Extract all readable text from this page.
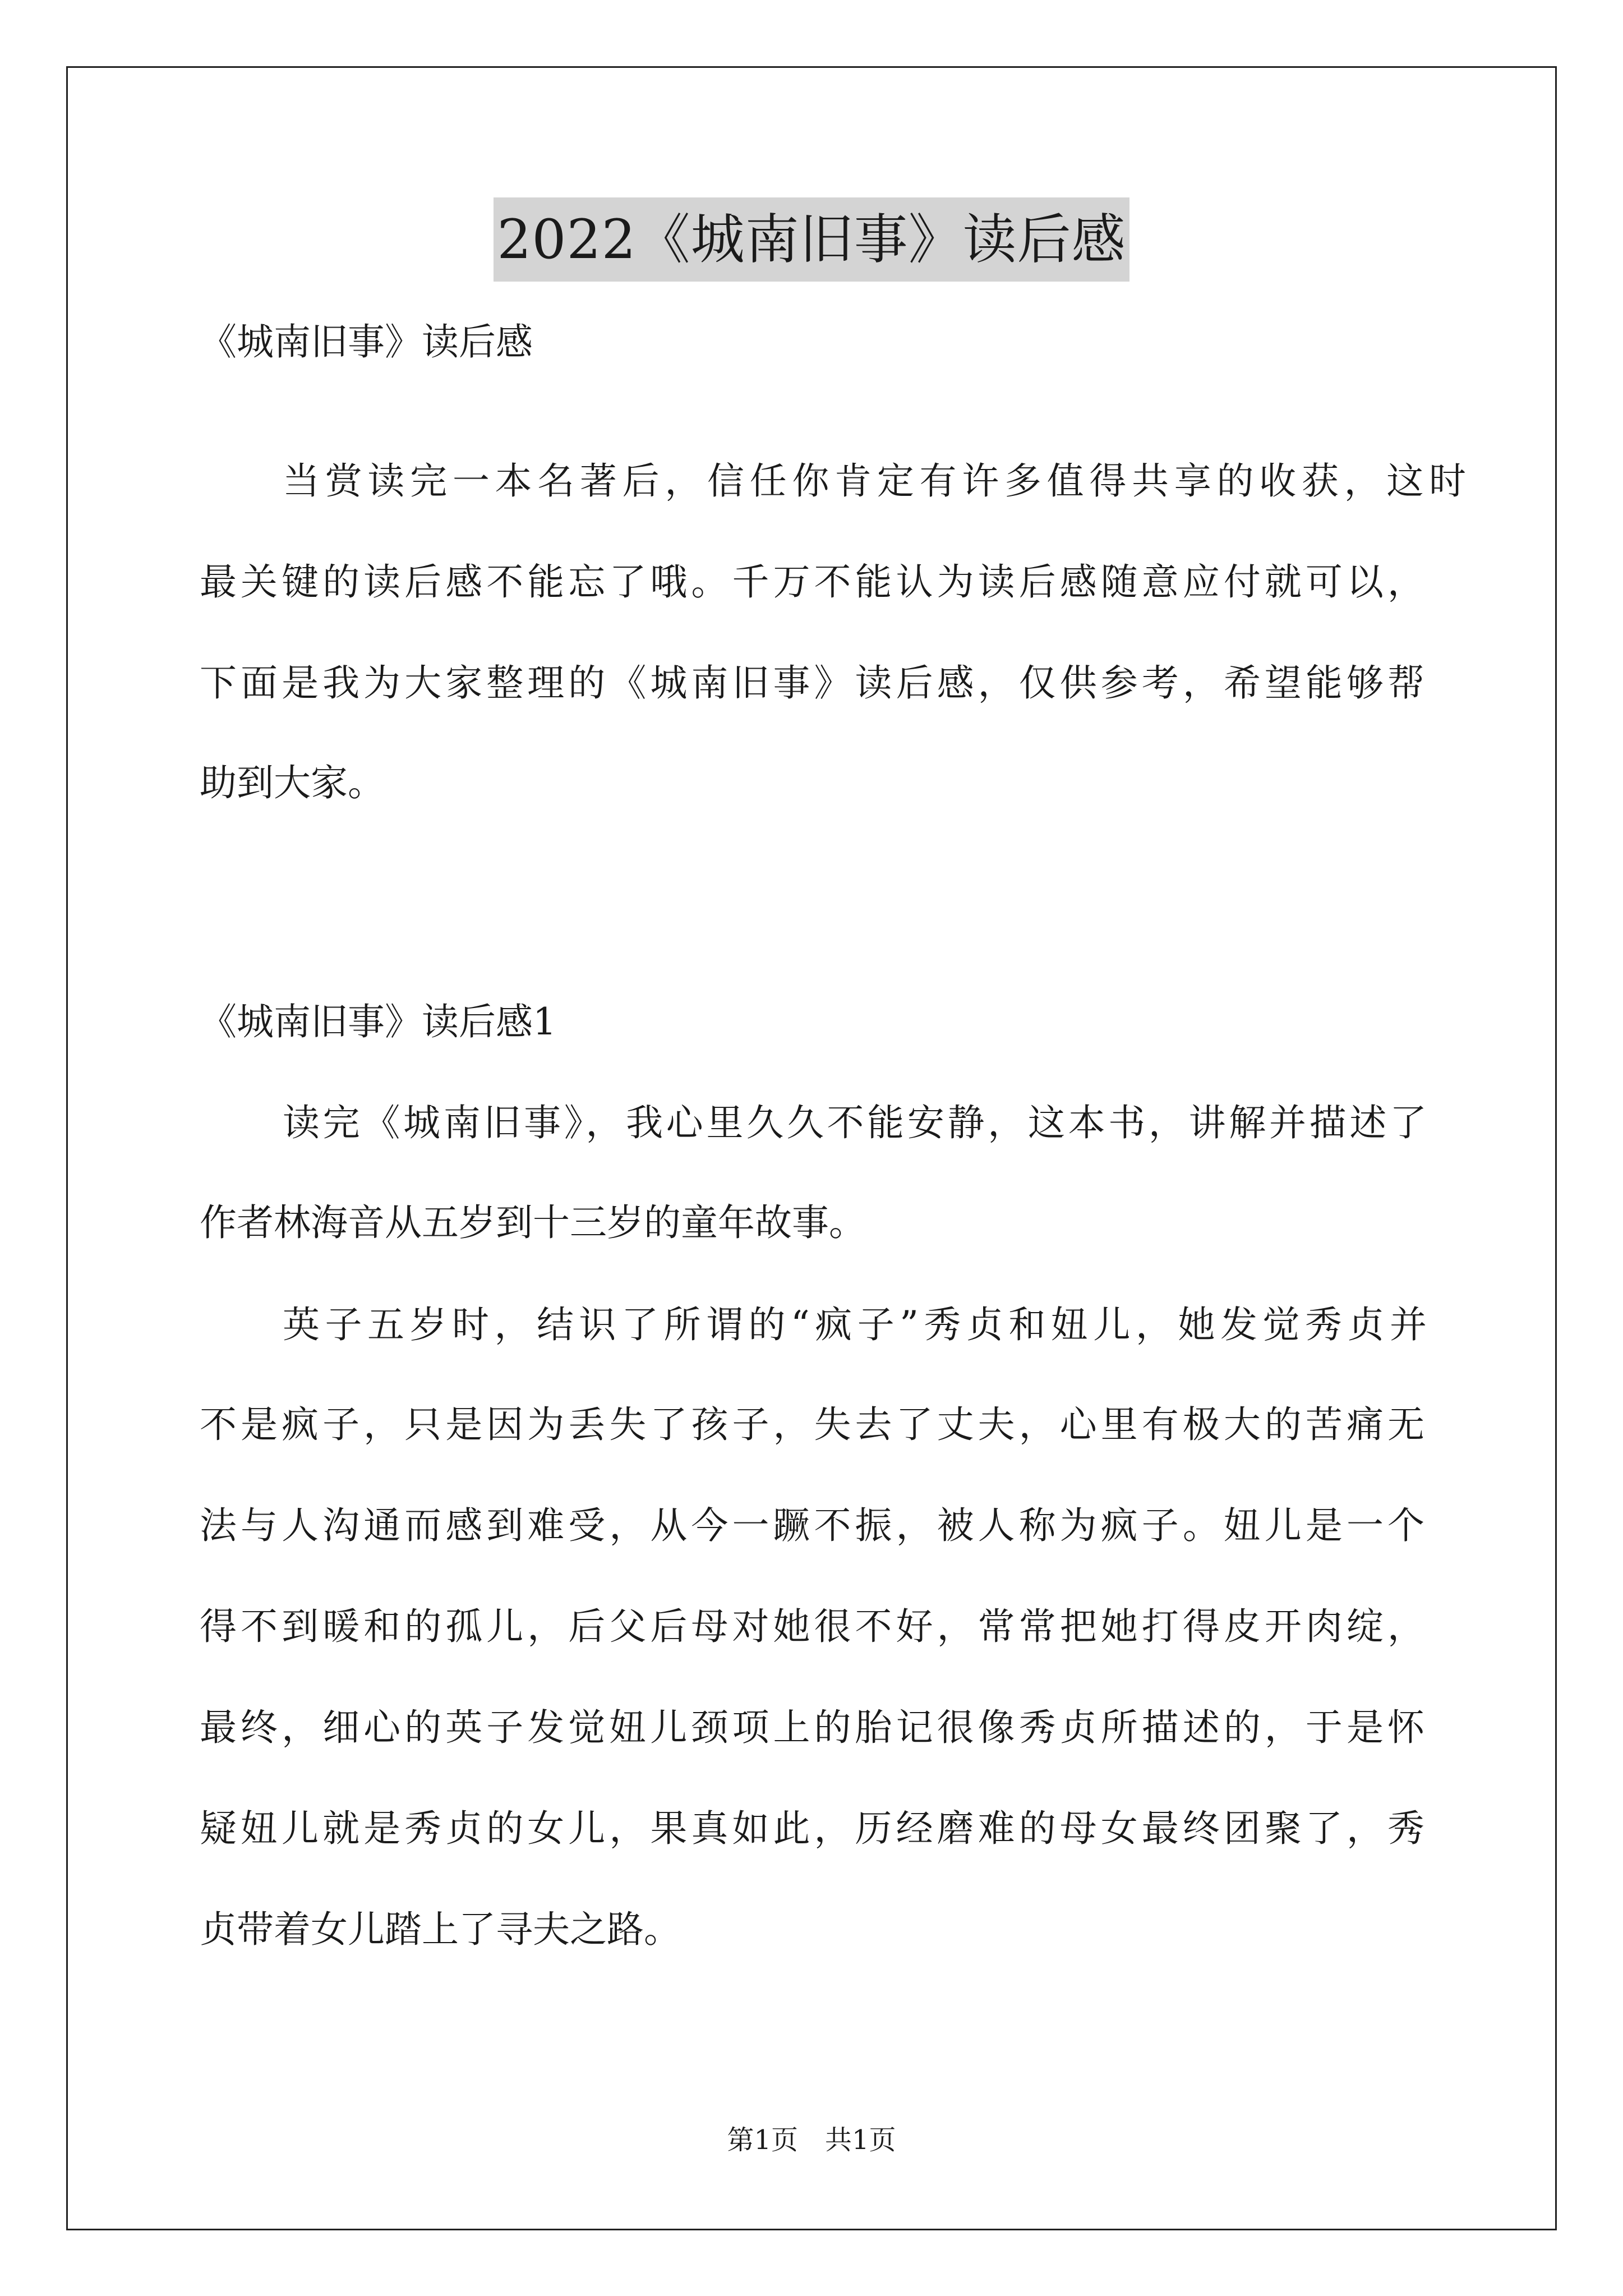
2022《城南旧事》读后感
《城南旧事》读后感
当赏读完一本名著后，信任你肯定有许多值得共享的收获，这时
最关键的读后感不能忘了哦。千万不能认为读后感随意应付就可以，
下面是我为大家整理的《城南旧事》读后感，仅供参考，希望能够帮
助到大家。
《城南旧事》读后感1
读完《城南旧事》，我心里久久不能安静，这本书，讲解并描述了
作者林海音从五岁到十三岁的童年故事。
英子五岁时，结识了所谓的“疯子”秀贞和妞儿，她发觉秀贞并
不是疯子，只是因为丢失了孩子，失去了丈夫，心里有极大的苦痛无
法与人沟通而感到难受，从今一蹶不振，被人称为疯子。妞儿是一个
得不到暖和的孤儿，后父后母对她很不好，常常把她打得皮开肉绽，
最终，细心的英子发觉妞儿颈项上的胎记很像秀贞所描述的，于是怀
疑妞儿就是秀贞的女儿，果真如此，历经磨难的母女最终团聚了，秀
贞带着女儿踏上了寻夫之路。
第1页　共1页
